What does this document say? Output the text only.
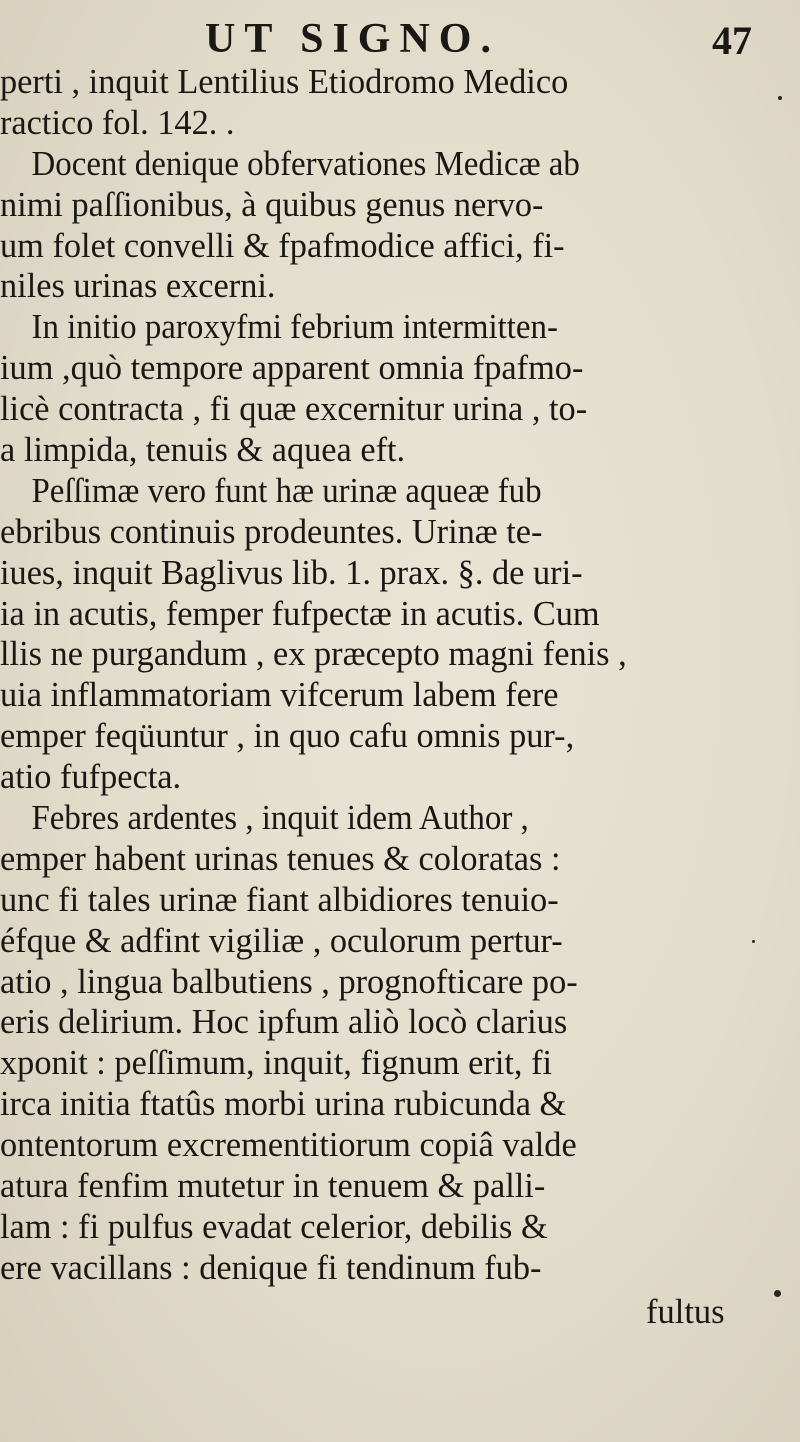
UT SIGNO.	47

perti , inquit Lentilius Etiodromo Medico

ractico fol. 142. .

Docent denique obfervationes Medicæ ab

nimi paſſionibus, à quibus genus nervo-

um folet convelli & fpafmodice affici, fi-

niles urinas excerni.

In initio paroxyfmi febrium intermitten-

ium ,quò tempore apparent omnia fpafmo-

licè contracta , fi quæ excernitur urina , to-

a limpida, tenuis & aquea eft.

Peſſimæ vero funt hæ urinæ aqueæ fub

ebribus continuis prodeuntes. Urinæ te-

iues, inquit Baglivus lib. 1. prax. §. de uri-

ia in acutis, femper fufpectæ in acutis. Cum

llis ne purgandum , ex præcepto magni fenis ,

uia inflammatoriam vifcerum labem fere

emper feqüuntur , in quo cafu omnis pur-,

atio fufpecta.

Febres ardentes , inquit idem Author ,

emper habent urinas tenues & coloratas :

unc fi tales urinæ fiant albidiores tenuio-

éfque & adfint vigiliæ , oculorum pertur-

atio , lingua balbutiens , prognofticare po-

eris delirium. Hoc ipfum aliò locò clarius

xponit : peſſimum, inquit, fignum erit, fi

irca initia ftatûs morbi urina rubicunda &

ontentorum excrementitiorum copiâ valde

atura fenfim mutetur in tenuem & palli-

lam : fi pulfus evadat celerior, debilis &

ere vacillans : denique fi tendinum fub-

fultus
